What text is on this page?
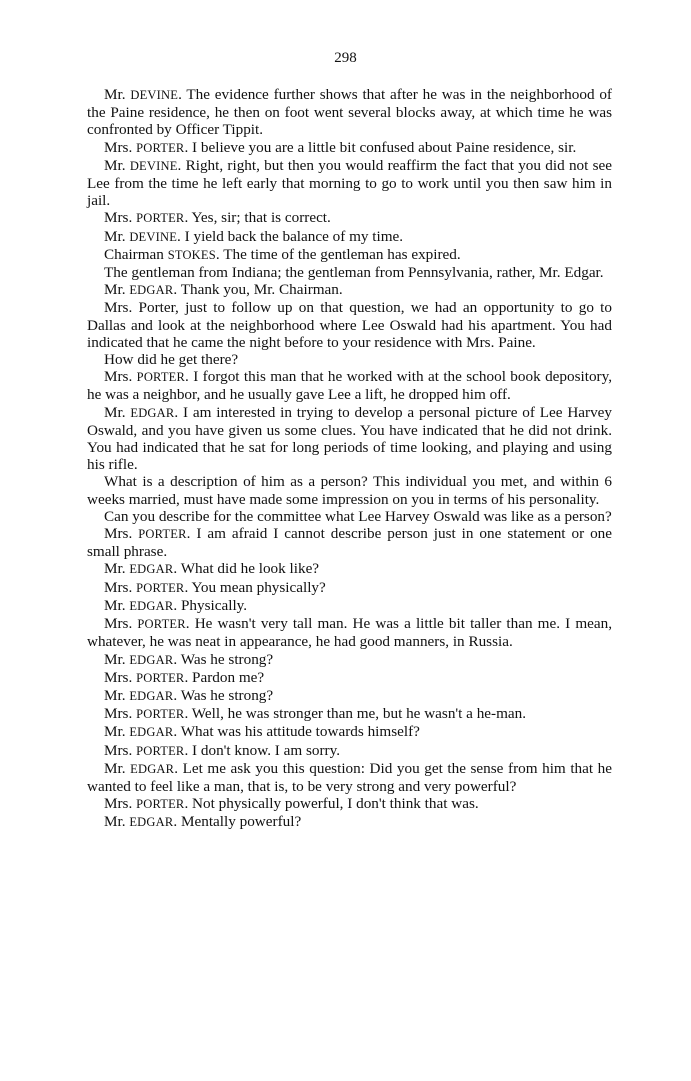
298

Mr. DEVINE. The evidence further shows that after he was in the neighborhood of the Paine residence, he then on foot went several blocks away, at which time he was confronted by Officer Tippit.

Mrs. PORTER. I believe you are a little bit confused about Paine residence, sir.

Mr. DEVINE. Right, right, but then you would reaffirm the fact that you did not see Lee from the time he left early that morning to go to work until you then saw him in jail.

Mrs. PORTER. Yes, sir; that is correct.

Mr. DEVINE. I yield back the balance of my time.

Chairman STOKES. The time of the gentleman has expired.

The gentleman from Indiana; the gentleman from Pennsylvania, rather, Mr. Edgar.

Mr. EDGAR. Thank you, Mr. Chairman.

Mrs. Porter, just to follow up on that question, we had an opportunity to go to Dallas and look at the neighborhood where Lee Oswald had his apartment. You had indicated that he came the night before to your residence with Mrs. Paine.

How did he get there?

Mrs. PORTER. I forgot this man that he worked with at the school book depository, he was a neighbor, and he usually gave Lee a lift, he dropped him off.

Mr. EDGAR. I am interested in trying to develop a personal picture of Lee Harvey Oswald, and you have given us some clues. You have indicated that he did not drink. You had indicated that he sat for long periods of time looking, and playing and using his rifle.

What is a description of him as a person? This individual you met, and within 6 weeks married, must have made some impression on you in terms of his personality.

Can you describe for the committee what Lee Harvey Oswald was like as a person?

Mrs. PORTER. I am afraid I cannot describe person just in one statement or one small phrase.

Mr. EDGAR. What did he look like?

Mrs. PORTER. You mean physically?

Mr. EDGAR. Physically.

Mrs. PORTER. He wasn't very tall man. He was a little bit taller than me. I mean, whatever, he was neat in appearance, he had good manners, in Russia.

Mr. EDGAR. Was he strong?

Mrs. PORTER. Pardon me?

Mr. EDGAR. Was he strong?

Mrs. PORTER. Well, he was stronger than me, but he wasn't a he-man.

Mr. EDGAR. What was his attitude towards himself?

Mrs. PORTER. I don't know. I am sorry.

Mr. EDGAR. Let me ask you this question: Did you get the sense from him that he wanted to feel like a man, that is, to be very strong and very powerful?

Mrs. PORTER. Not physically powerful, I don't think that was.

Mr. EDGAR. Mentally powerful?
